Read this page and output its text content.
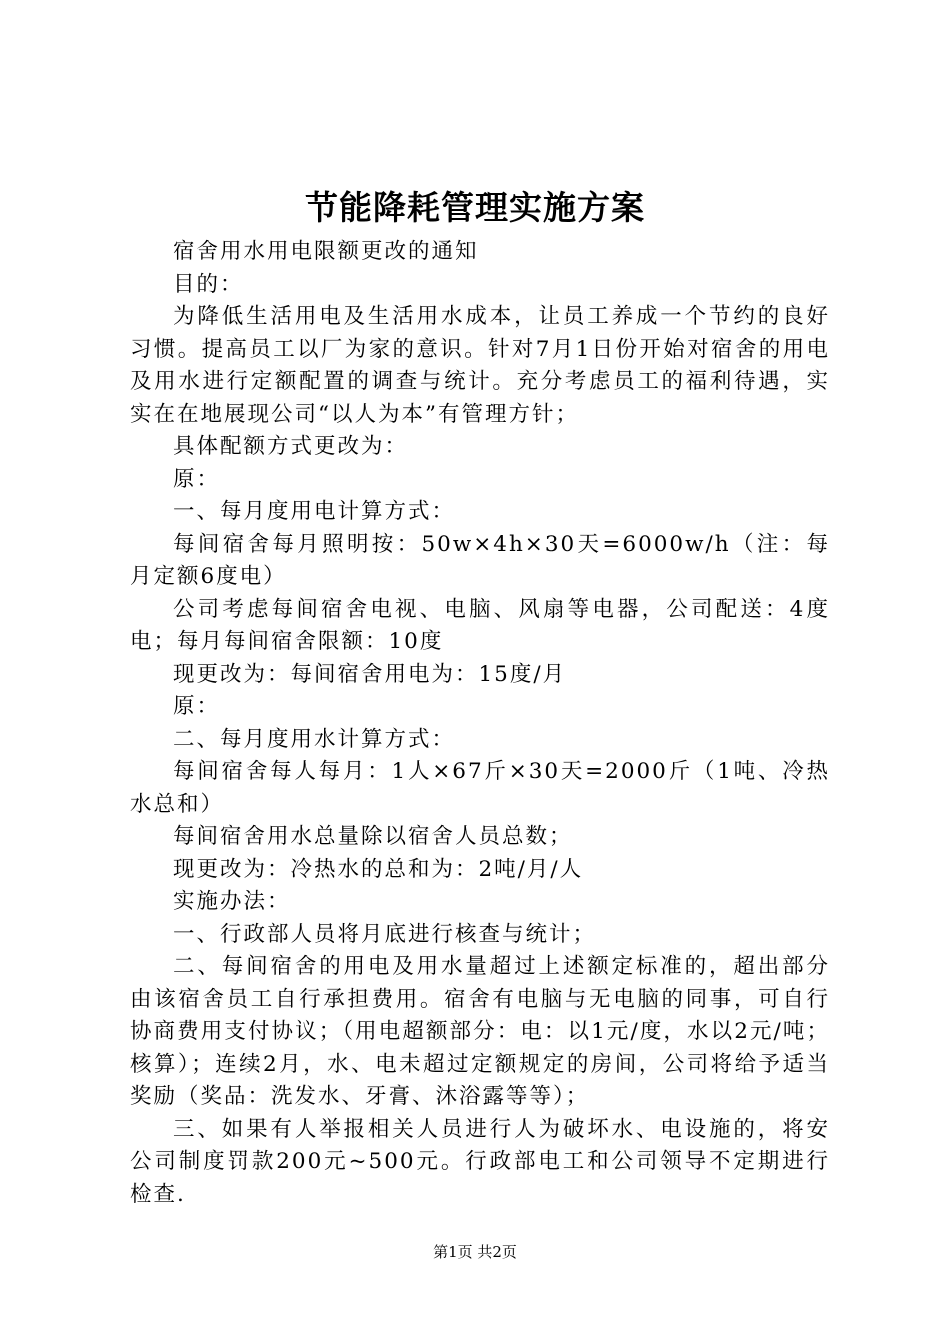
节能降耗管理实施方案

宿舍用水用电限额更改的通知

目的：

为降低生活用电及生活用水成本，让员工养成一个节约的良好习惯。提高员工以厂为家的意识。针对7月1日份开始对宿舍的用电及用水进行定额配置的调查与统计。充分考虑员工的福利待遇，实实在在地展现公司“以人为本”有管理方针；

具体配额方式更改为：

原：

一、每月度用电计算方式：

每间宿舍每月照明按：50w×4h×30天=6000w/h（注：每月定额6度电）

公司考虑每间宿舍电视、电脑、风扇等电器，公司配送：4度电；每月每间宿舍限额：10度

现更改为：每间宿舍用电为：15度/月

原：

二、每月度用水计算方式：

每间宿舍每人每月：1人×67斤×30天=2000斤（1吨、冷热水总和）

每间宿舍用水总量除以宿舍人员总数；

现更改为：冷热水的总和为：2吨/月/人

实施办法：

一、行政部人员将月底进行核查与统计；

二、每间宿舍的用电及用水量超过上述额定标准的，超出部分由该宿舍员工自行承担费用。宿舍有电脑与无电脑的同事，可自行协商费用支付协议；（用电超额部分：电：以1元/度，水以2元/吨；核算）；连续2月，水、电未超过定额规定的房间，公司将给予适当奖励（奖品：洗发水、牙膏、沐浴露等等）；

三、如果有人举报相关人员进行人为破坏水、电设施的，将安公司制度罚款200元~500元。行政部电工和公司领导不定期进行检查.

第1页 共2页
